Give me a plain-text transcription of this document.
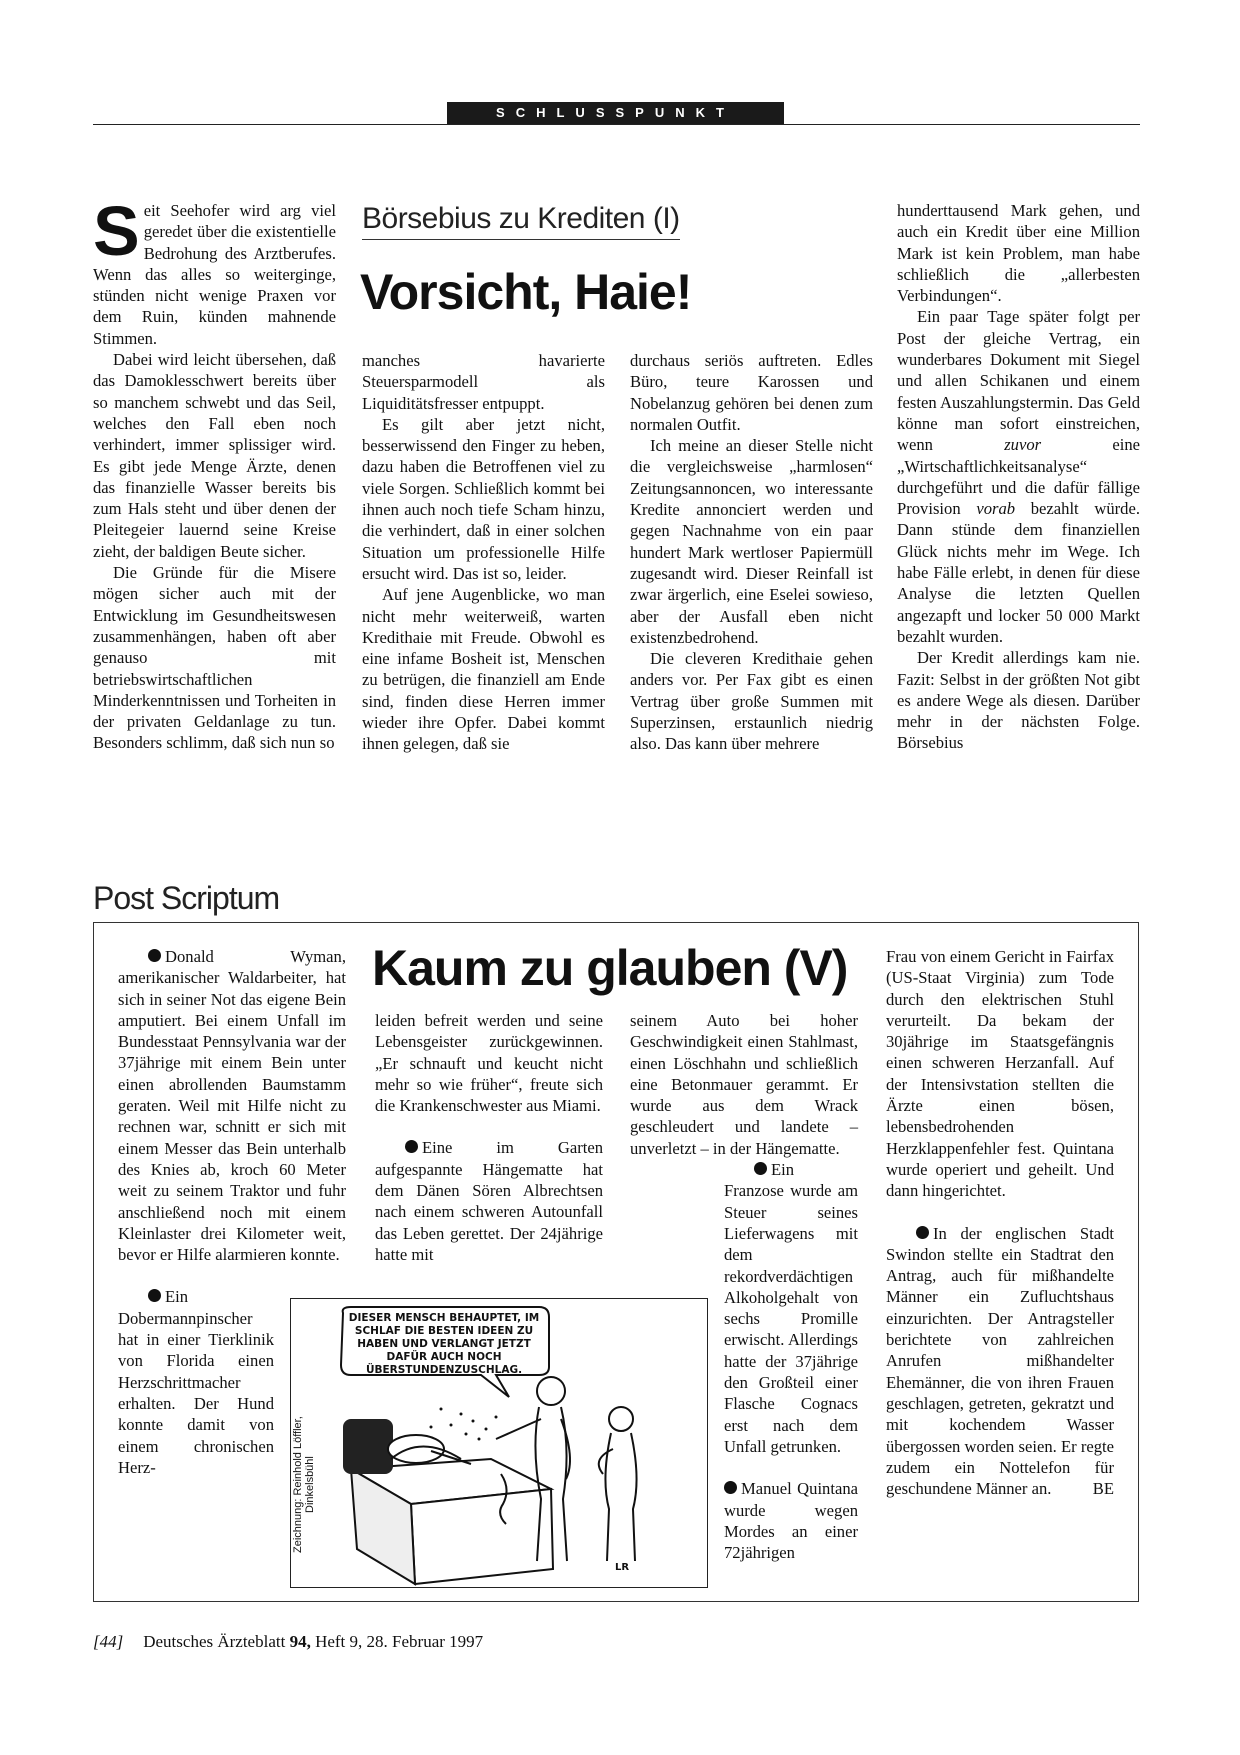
SCHLUSSPUNKT

Seit Seehofer wird arg viel geredet über die existentielle Bedrohung des Arztberufes. Wenn das alles so weiterginge, stünden nicht wenige Praxen vor dem Ruin, künden mahnende Stimmen.

Dabei wird leicht übersehen, daß das Damoklesschwert bereits über so manchem schwebt und das Seil, welches den Fall eben noch verhindert, immer splissiger wird. Es gibt jede Menge Ärzte, denen das finanzielle Wasser bereits bis zum Hals steht und über denen der Pleitegeier lauernd seine Kreise zieht, der baldigen Beute sicher.

Die Gründe für die Misere mögen sicher auch mit der Entwicklung im Gesundheitswesen zusammenhängen, haben oft aber genauso mit betriebswirtschaftlichen Minderkenntnissen und Torheiten in der privaten Geldanlage zu tun. Besonders schlimm, daß sich nun so

Börsebius zu Krediten (I)
Vorsicht, Haie!

manches havarierte Steuersparmodell als Liquiditätsfresser entpuppt.

Es gilt aber jetzt nicht, besserwissend den Finger zu heben, dazu haben die Betroffenen viel zu viele Sorgen. Schließlich kommt bei ihnen auch noch tiefe Scham hinzu, die verhindert, daß in einer solchen Situation um professionelle Hilfe ersucht wird. Das ist so, leider.

Auf jene Augenblicke, wo man nicht mehr weiterweiß, warten Kredithaie mit Freude. Obwohl es eine infame Bosheit ist, Menschen zu betrügen, die finanziell am Ende sind, finden diese Herren immer wieder ihre Opfer. Dabei kommt ihnen gelegen, daß sie

durchaus seriös auftreten. Edles Büro, teure Karossen und Nobelanzug gehören bei denen zum normalen Outfit.

Ich meine an dieser Stelle nicht die vergleichsweise „harmlosen“ Zeitungsannoncen, wo interessante Kredite annonciert werden und gegen Nachnahme von ein paar hundert Mark wertloser Papiermüll zugesandt wird. Dieser Reinfall ist zwar ärgerlich, eine Eselei sowieso, aber der Ausfall eben nicht existenzbedrohend.

Die cleveren Kredithaie gehen anders vor. Per Fax gibt es einen Vertrag über große Summen mit Superzinsen, erstaunlich niedrig also. Das kann über mehrere

hunderttausend Mark gehen, und auch ein Kredit über eine Million Mark ist kein Problem, man habe schließlich die „allerbesten Verbindungen“.

Ein paar Tage später folgt per Post der gleiche Vertrag, ein wunderbares Dokument mit Siegel und allen Schikanen und einem festen Auszahlungstermin. Das Geld könne man sofort einstreichen, wenn zuvor eine „Wirtschaftlichkeitsanalyse“ durchgeführt und die dafür fällige Provision vorab bezahlt würde. Dann stünde dem finanziellen Glück nichts mehr im Wege. Ich habe Fälle erlebt, in denen für diese Analyse die letzten Quellen angezapft und locker 50 000 Markt bezahlt wurden.

Der Kredit allerdings kam nie. Fazit: Selbst in der größten Not gibt es andere Wege als diesen. Darüber mehr in der nächsten Folge. Börsebius

Post Scriptum
Kaum zu glauben (V)

Donald Wyman, amerikanischer Waldarbeiter, hat sich in seiner Not das eigene Bein amputiert. Bei einem Unfall im Bundesstaat Pennsylvania war der 37jährige mit einem Bein unter einen abrollenden Baumstamm geraten. Weil mit Hilfe nicht zu rechnen war, schnitt er sich mit einem Messer das Bein unterhalb des Knies ab, kroch 60 Meter weit zu seinem Traktor und fuhr anschließend noch mit einem Kleinlaster drei Kilometer weit, bevor er Hilfe alarmieren konnte.

Ein Dobermannpinscher hat in einer Tierklinik von Florida einen Herzschrittmacher erhalten. Der Hund konnte damit von einem chronischen Herz-

leiden befreit werden und seine Lebensgeister zurückgewinnen. „Er schnauft und keucht nicht mehr so wie früher“, freute sich die Krankenschwester aus Miami.

Eine im Garten aufgespannte Hängematte hat dem Dänen Sören Albrechtsen nach einem schweren Autounfall das Leben gerettet. Der 24jährige hatte mit

seinem Auto bei hoher Geschwindigkeit einen Stahlmast, einen Löschhahn und schließlich eine Betonmauer gerammt. Er wurde aus dem Wrack geschleudert und landete – unverletzt – in der Hängematte.

Ein Franzose wurde am Steuer seines Lieferwagens mit dem rekordverdächtigen Alkoholgehalt von sechs Promille erwischt. Allerdings hatte der 37jährige den Großteil einer Flasche Cognacs erst nach dem Unfall getrunken.

Manuel Quintana wurde wegen Mordes an einer 72jährigen

Frau von einem Gericht in Fairfax (US-Staat Virginia) zum Tode durch den elektrischen Stuhl verurteilt. Da bekam der 30jährige im Staatsgefängnis einen schweren Herzanfall. Auf der Intensivstation stellten die Ärzte einen bösen, lebensbedrohenden Herzklappenfehler fest. Quintana wurde operiert und geheilt. Und dann hingerichtet.

In der englischen Stadt Swindon stellte ein Stadtrat den Antrag, auch für mißhandelte Männer ein Zufluchtshaus einzurichten. Der Antragsteller berichtete von zahlreichen Anrufen mißhandelter Ehemänner, die von ihren Frauen geschlagen, getreten, gekratzt und mit kochendem Wasser übergossen worden seien. Er regte zudem ein Nottelefon für geschundene Männer an.	BE

DIESER MENSCH BEHAUPTET, IM SCHLAF DIE BESTEN IDEEN ZU HABEN UND VERLANGT JETZT DAFÜR AUCH NOCH ÜBERSTUNDENZUSCHLAG.
Zeichnung: Reinhold Löffler, Dinkelsbühl
LR
[44] Deutsches Ärzteblatt 94, Heft 9, 28. Februar 1997
